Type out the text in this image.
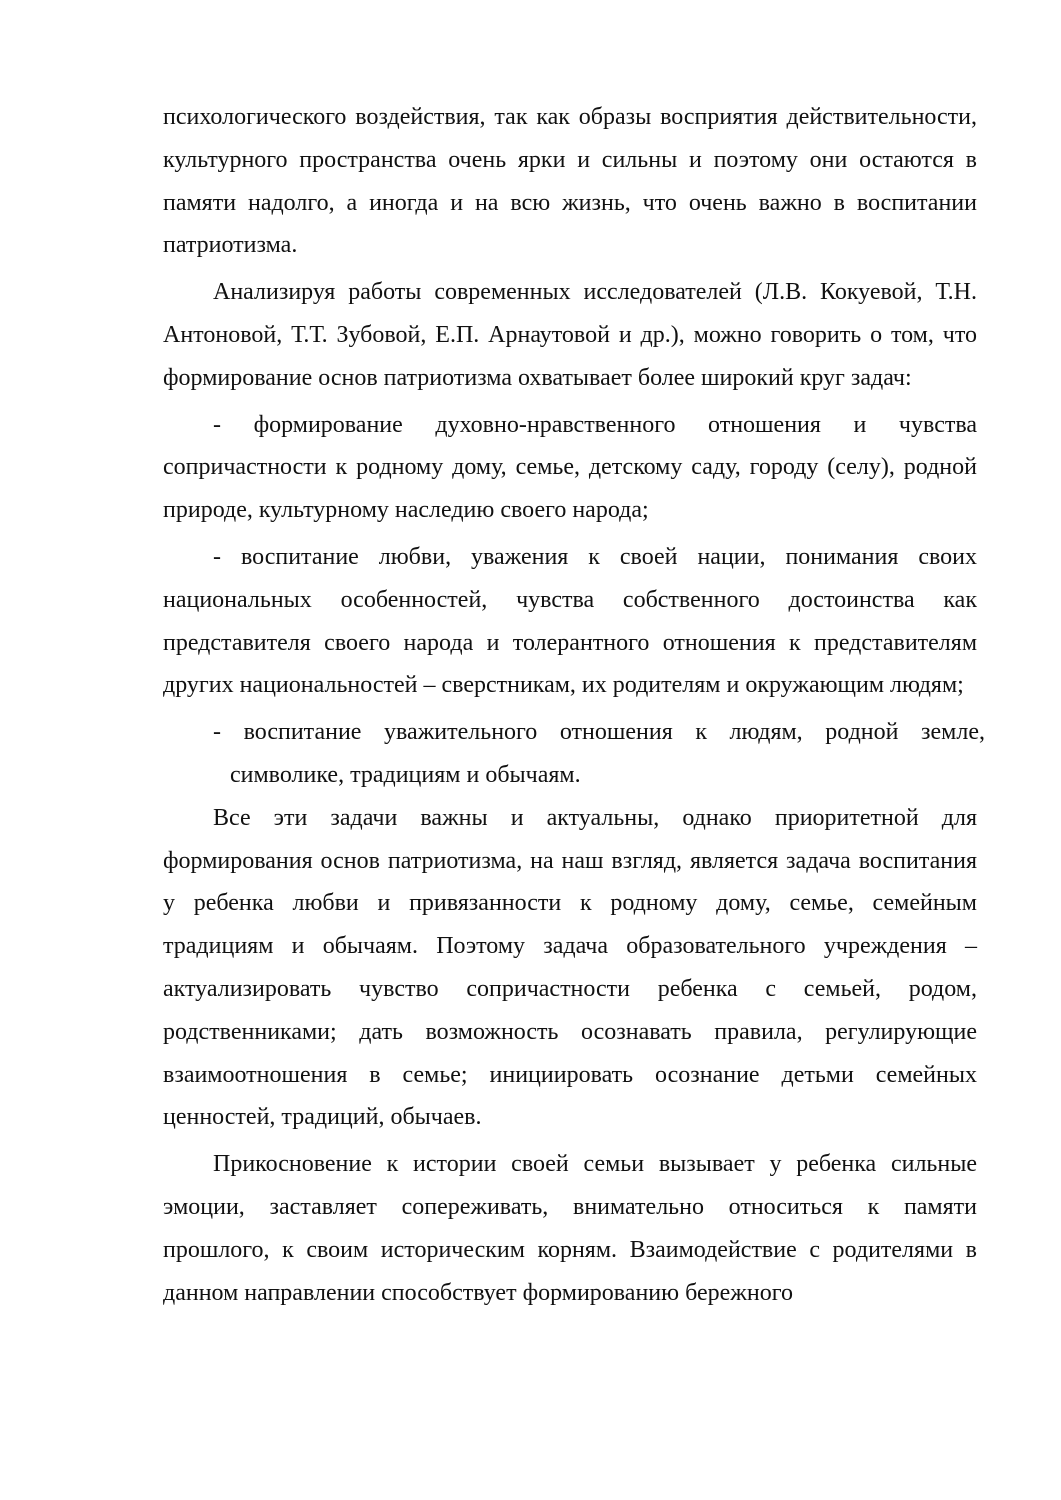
психологического воздействия, так как образы восприятия действительности, культурного пространства очень ярки и сильны и поэтому они остаются в памяти надолго, а иногда и на всю жизнь, что очень важно в воспитании патриотизма.

Анализируя работы современных исследователей (Л.В. Кокуевой, Т.Н. Антоновой, Т.Т. Зубовой, Е.П. Арнаутовой и др.), можно говорить о том, что формирование основ патриотизма охватывает более широкий круг задач:

- формирование духовно-нравственного отношения и чувства сопричастности к родному дому, семье, детскому саду, городу (селу), родной природе, культурному наследию своего народа;

- воспитание любви, уважения к своей нации, понимания своих национальных особенностей, чувства собственного достоинства как представителя своего народа и толерантного отношения к представителям других национальностей – сверстникам, их родителям и окружающим людям;

- воспитание уважительного отношения к людям, родной земле, символике, традициям и обычаям.

Все эти задачи важны и актуальны, однако приоритетной для формирования основ патриотизма, на наш взгляд, является задача воспитания у ребенка любви и привязанности к родному дому, семье, семейным традициям и обычаям. Поэтому задача образовательного учреждения – актуализировать чувство сопричастности ребенка с семьей, родом, родственниками; дать возможность осознавать правила, регулирующие взаимоотношения в семье; инициировать осознание детьми семейных ценностей, традиций, обычаев.

Прикосновение к истории своей семьи вызывает у ребенка сильные эмоции, заставляет сопереживать, внимательно относиться к памяти прошлого, к своим историческим корням. Взаимодействие с родителями в данном направлении способствует формированию бережного
